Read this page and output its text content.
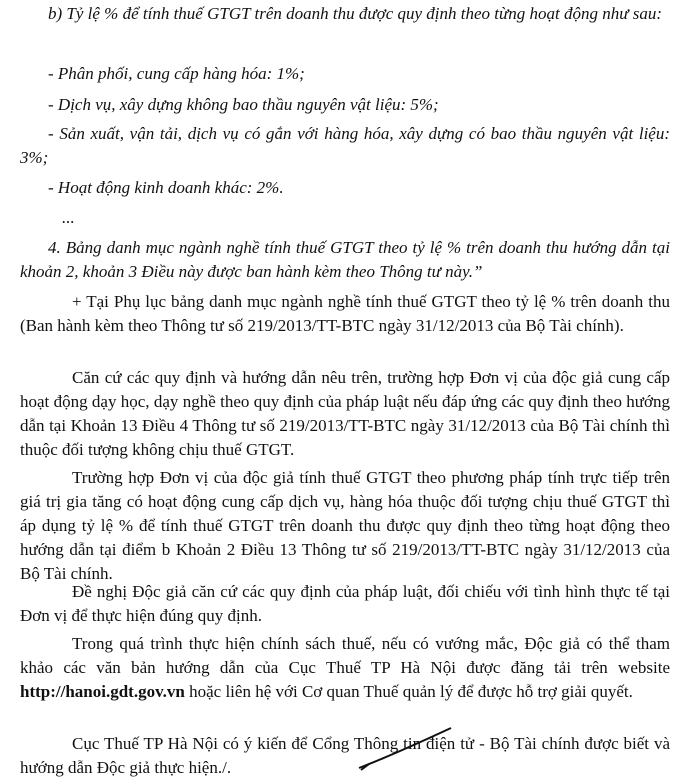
b) Tỷ lệ % để tính thuế GTGT trên doanh thu được quy định theo từng hoạt động như sau:

- Phân phối, cung cấp hàng hóa: 1%;

- Dịch vụ, xây dựng không bao thầu nguyên vật liệu: 5%;

- Sản xuất, vận tải, dịch vụ có gắn với hàng hóa, xây dựng có bao thầu nguyên vật liệu: 3%;

- Hoạt động kinh doanh khác: 2%.

...

4. Bảng danh mục ngành nghề tính thuế GTGT theo tỷ lệ % trên doanh thu hướng dẫn tại khoản 2, khoản 3 Điều này được ban hành kèm theo Thông tư này.”

+ Tại Phụ lục bảng danh mục ngành nghề tính thuế GTGT theo tỷ lệ % trên doanh thu (Ban hành kèm theo Thông tư số 219/2013/TT-BTC ngày 31/12/2013 của Bộ Tài chính).

Căn cứ các quy định và hướng dẫn nêu trên, trường hợp Đơn vị của độc giả cung cấp hoạt động dạy học, dạy nghề theo quy định của pháp luật nếu đáp ứng các quy định theo hướng dẫn tại Khoản 13 Điều 4 Thông tư số 219/2013/TT-BTC ngày 31/12/2013 của Bộ Tài chính thì thuộc đối tượng không chịu thuế GTGT.

Trường hợp Đơn vị của độc giả tính thuế GTGT theo phương pháp tính trực tiếp trên giá trị gia tăng có hoạt động cung cấp dịch vụ, hàng hóa thuộc đối tượng chịu thuế GTGT thì áp dụng tỷ lệ % để tính thuế GTGT trên doanh thu được quy định theo từng hoạt động theo hướng dẫn tại điểm b Khoản 2 Điều 13 Thông tư số 219/2013/TT-BTC ngày 31/12/2013 của Bộ Tài chính.

Đề nghị Độc giả căn cứ các quy định của pháp luật, đối chiếu với tình hình thực tế tại Đơn vị để thực hiện đúng quy định.

Trong quá trình thực hiện chính sách thuế, nếu có vướng mắc, Độc giả có thể tham khảo các văn bản hướng dẫn của Cục Thuế TP Hà Nội được đăng tải trên website http://hanoi.gdt.gov.vn hoặc liên hệ với Cơ quan Thuế quản lý để được hỗ trợ giải quyết.

Cục Thuế TP Hà Nội có ý kiến để Cổng Thông tin điện tử - Bộ Tài chính được biết và hướng dẫn Độc giả thực hiện./.
